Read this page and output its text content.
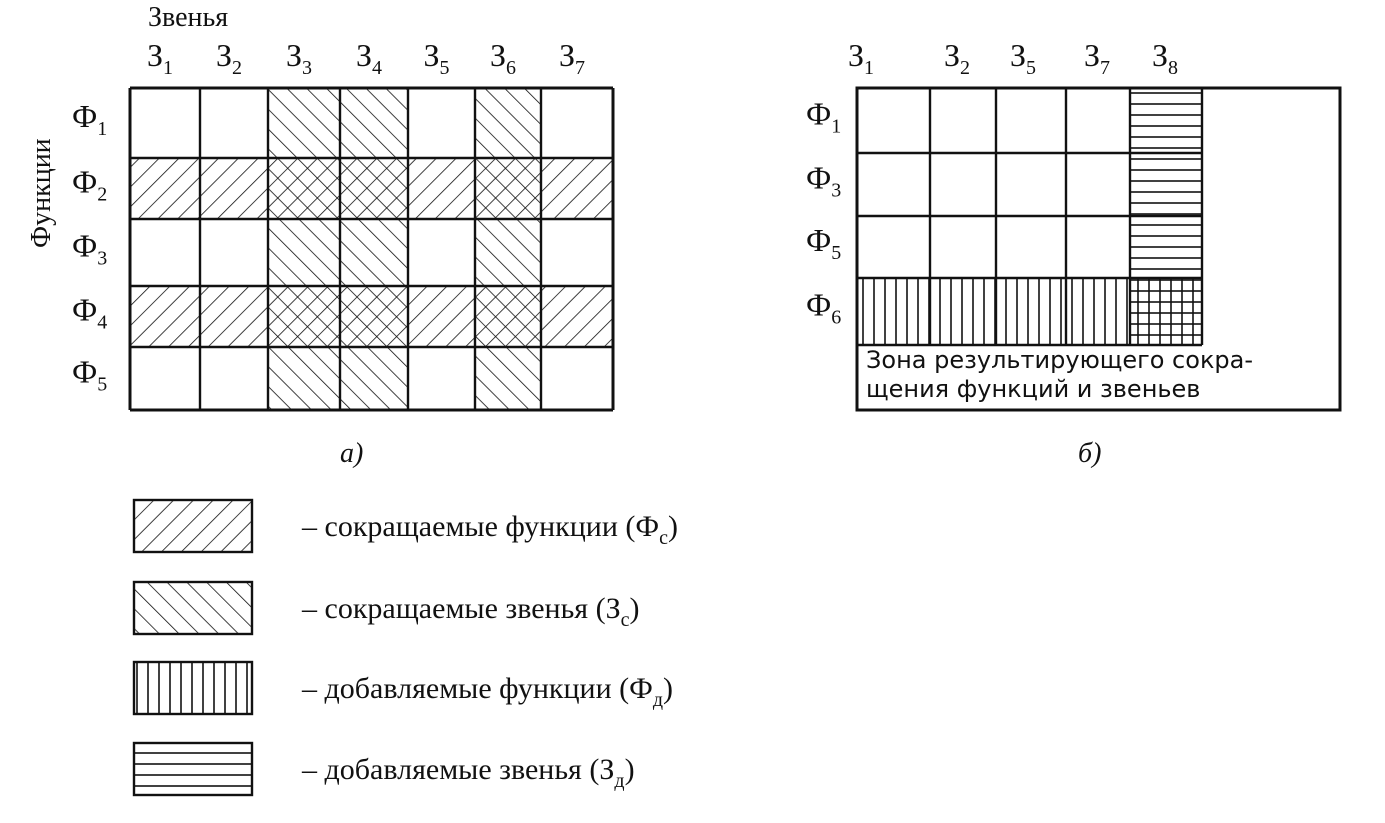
Звенья
Функции
$З_1$ $З_2$ $З_3$ $З_4$ $З_5$ $З_6$ $З_7$
$Ф_1$
$Ф_2$
$Ф_3$
$Ф_4$
$Ф_5$
а)
$З_1$ $З_2$ $З_5$ $З_7$ $З_8$
$Ф_1$
$Ф_3$
$Ф_5$
$Ф_6$
Зона результирующего сокра-
щения функций и звеньев
б)
– сокращаемые функции $(Ф_с)$
– сокращаемые звенья $(З_с)$
– добавляемые функции $(Ф_д)$
– добавляемые звенья $(З_д)$
